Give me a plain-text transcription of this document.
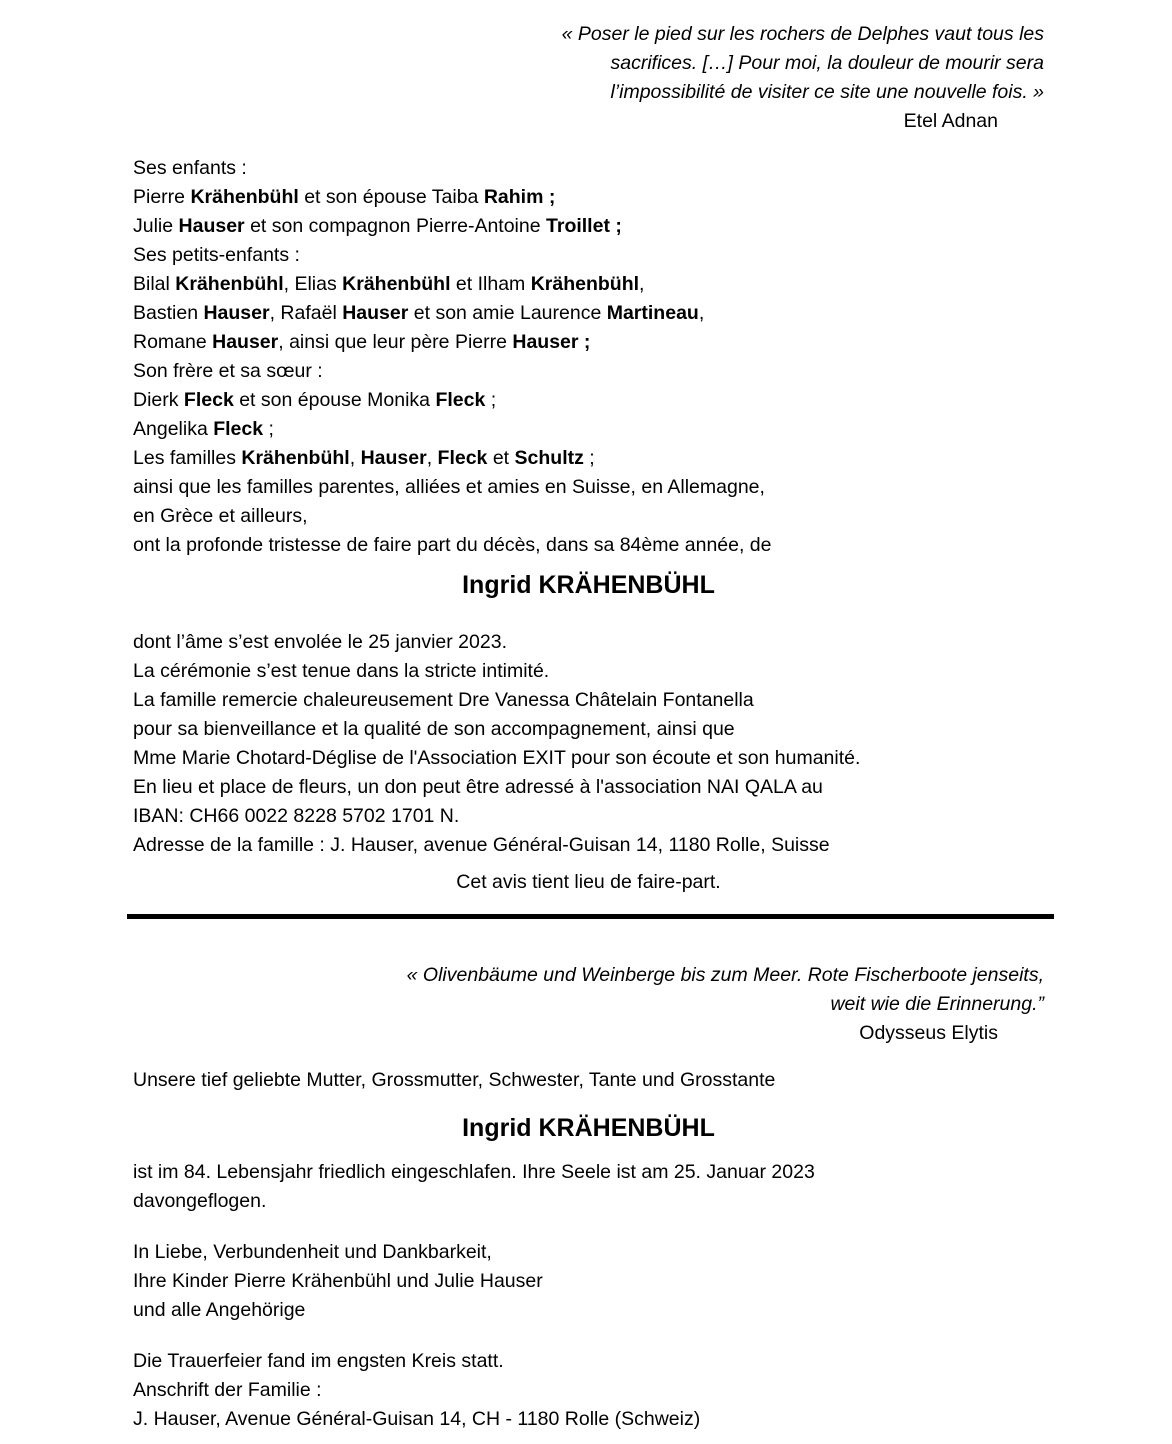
« Poser le pied sur les rochers de Delphes vaut tous les
sacrifices. […] Pour moi, la douleur de mourir sera
l’impossibilité de visiter ce site une nouvelle fois. »
Etel Adnan
Ses enfants :
Pierre Krähenbühl et son épouse Taiba Rahim ;
Julie Hauser et son compagnon Pierre-Antoine Troillet ;
Ses petits-enfants :
Bilal Krähenbühl, Elias Krähenbühl et Ilham Krähenbühl,
Bastien Hauser, Rafaël Hauser et son amie Laurence Martineau,
Romane Hauser, ainsi que leur père Pierre Hauser ;
Son frère et sa sœur :
Dierk Fleck et son épouse Monika Fleck ;
Angelika Fleck ;
Les familles Krähenbühl, Hauser, Fleck et Schultz ;
ainsi que les familles parentes, alliées et amies en Suisse, en Allemagne,
en Grèce et ailleurs,
ont la profonde tristesse de faire part du décès, dans sa 84ème année, de
Ingrid KRÄHENBÜHL
dont l’âme s’est envolée le 25 janvier 2023.
La cérémonie s’est tenue dans la stricte intimité.
La famille remercie chaleureusement Dre Vanessa Châtelain Fontanella
pour sa bienveillance et la qualité de son accompagnement, ainsi que
Mme Marie Chotard-Déglise de l'Association EXIT pour son écoute et son humanité.
En lieu et place de fleurs, un don peut être adressé à l'association NAI QALA au
IBAN: CH66 0022 8228 5702 1701 N.
Adresse de la famille : J. Hauser, avenue Général-Guisan 14, 1180 Rolle, Suisse
Cet avis tient lieu de faire-part.
« Olivenbäume und Weinberge bis zum Meer. Rote Fischerboote jenseits,
weit wie die Erinnerung.”
Odysseus Elytis
Unsere tief geliebte Mutter, Grossmutter, Schwester, Tante und Grosstante
Ingrid KRÄHENBÜHL
ist im 84. Lebensjahr friedlich eingeschlafen. Ihre Seele ist am 25. Januar 2023
davongeflogen.
In Liebe, Verbundenheit und Dankbarkeit,
Ihre Kinder Pierre Krähenbühl und Julie Hauser
und alle Angehörige
Die Trauerfeier fand im engsten Kreis statt.
Anschrift der Familie :
J. Hauser, Avenue Général-Guisan 14, CH - 1180 Rolle (Schweiz)
